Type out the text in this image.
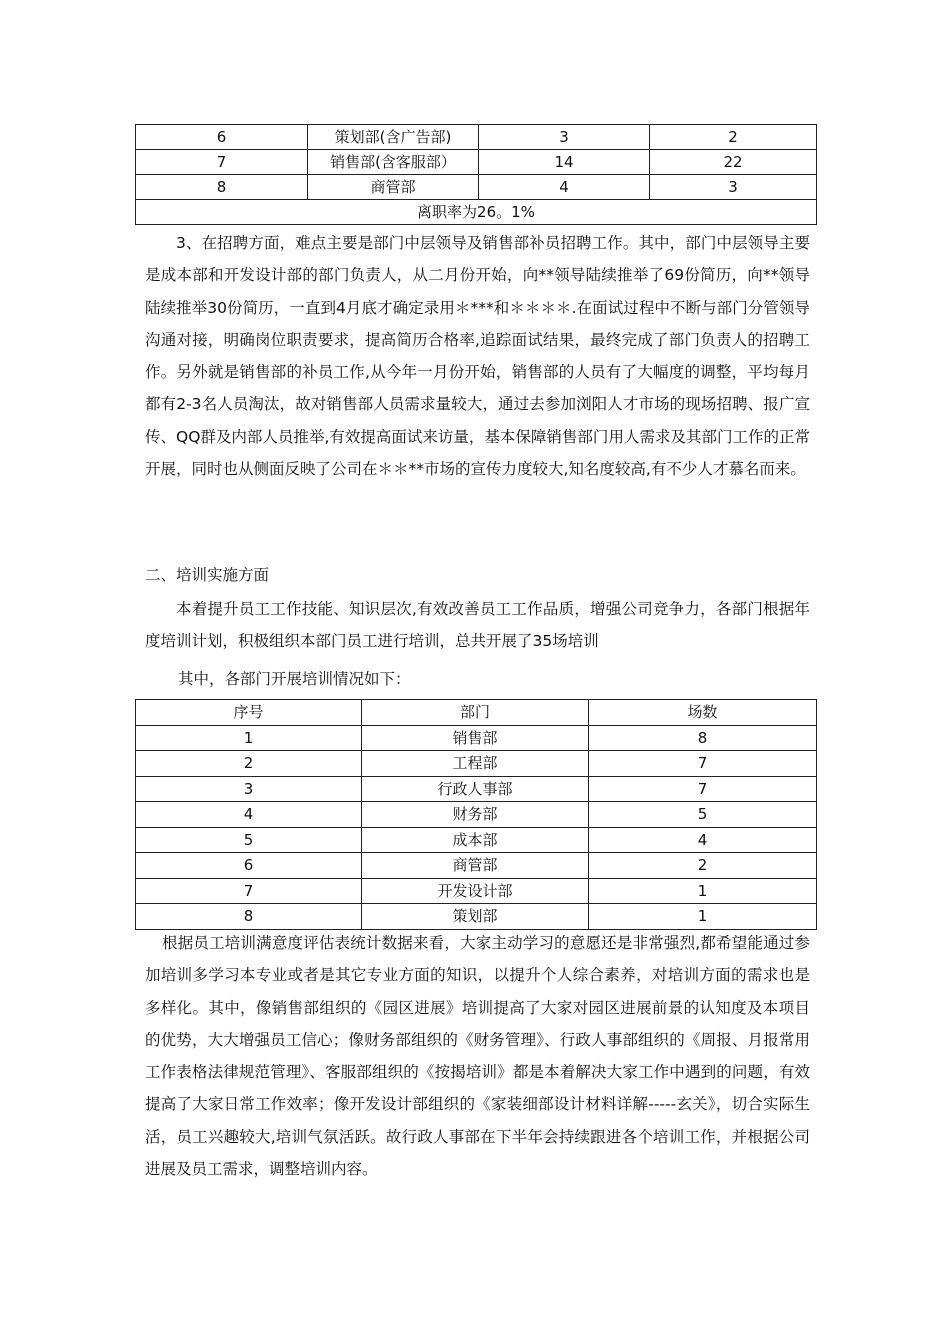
6	策划部(含广告部)	3	2
7	销售部(含客服部）	14	22
8	商管部	4	3
离职率为26。1%			

3、在招聘方面，难点主要是部门中层领导及销售部补员招聘工作。其中，部门中层领导主要是成本部和开发设计部的部门负责人，从二月份开始，向**领导陆续推举了69份简历，向**领导陆续推举30份简历，一直到4月底才确定录用＊***和＊＊＊＊.在面试过程中不断与部门分管领导沟通对接，明确岗位职责要求，提高简历合格率,追踪面试结果，最终完成了部门负责人的招聘工作。另外就是销售部的补员工作,从今年一月份开始，销售部的人员有了大幅度的调整，平均每月都有2-3名人员淘汰，故对销售部人员需求量较大，通过去参加浏阳人才市场的现场招聘、报广宣传、QQ群及内部人员推举,有效提高面试来访量，基本保障销售部门用人需求及其部门工作的正常开展，同时也从侧面反映了公司在＊＊**市场的宣传力度较大,知名度较高,有不少人才慕名而来。

二、培训实施方面

本着提升员工工作技能、知识层次,有效改善员工工作品质，增强公司竞争力，各部门根据年度培训计划，积极组织本部门员工进行培训，总共开展了35场培训

其中，各部门开展培训情况如下：

序号	部门	场数
1	销售部	8
2	工程部	7
3	行政人事部	7
4	财务部	5
5	成本部	4
6	商管部	2
7	开发设计部	1
8	策划部	1

根据员工培训满意度评估表统计数据来看，大家主动学习的意愿还是非常强烈,都希望能通过参加培训多学习本专业或者是其它专业方面的知识，以提升个人综合素养，对培训方面的需求也是多样化。其中，像销售部组织的《园区进展》培训提高了大家对园区进展前景的认知度及本项目的优势，大大增强员工信心；像财务部组织的《财务管理》、行政人事部组织的《周报、月报常用工作表格法律规范管理》、客服部组织的《按揭培训》都是本着解决大家工作中遇到的问题，有效提高了大家日常工作效率；像开发设计部组织的《家装细部设计材料详解-----玄关》，切合实际生活，员工兴趣较大,培训气氛活跃。故行政人事部在下半年会持续跟进各个培训工作，并根据公司进展及员工需求，调整培训内容。
